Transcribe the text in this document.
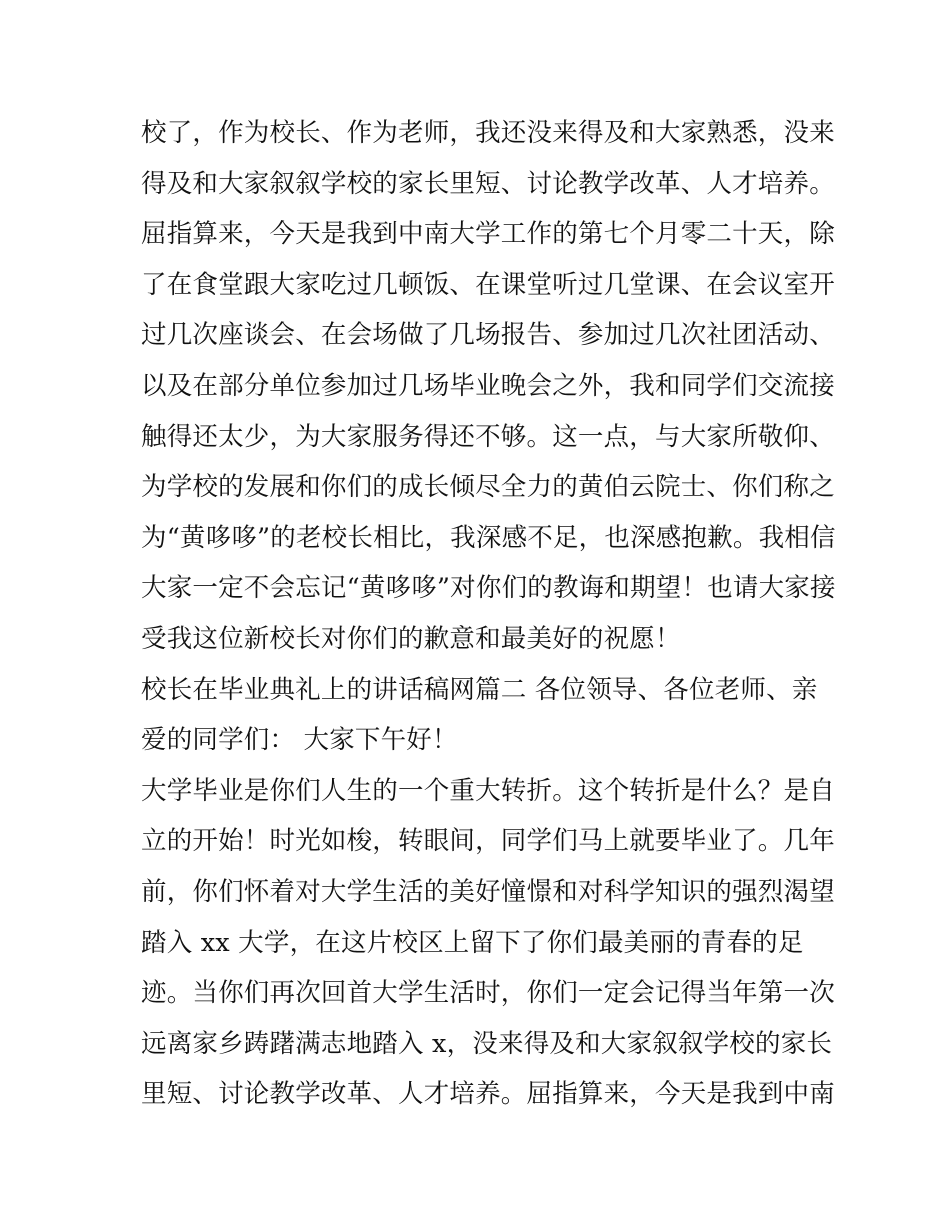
校了，作为校长、作为老师，我还没来得及和大家熟悉，没来
得及和大家叙叙学校的家长里短、讨论教学改革、人才培养。
屈指算来，今天是我到中南大学工作的第七个月零二十天，除
了在食堂跟大家吃过几顿饭、在课堂听过几堂课、在会议室开
过几次座谈会、在会场做了几场报告、参加过几次社团活动、
以及在部分单位参加过几场毕业晚会之外，我和同学们交流接
触得还太少，为大家服务得还不够。这一点，与大家所敬仰、
为学校的发展和你们的成长倾尽全力的黄伯云院士、你们称之
为“黄哆哆”的老校长相比，我深感不足，也深感抱歉。我相信
大家一定不会忘记“黄哆哆”对你们的教诲和期望！也请大家接
受我这位新校长对你们的歉意和最美好的祝愿！
校长在毕业典礼上的讲话稿网篇二 各位领导、各位老师、亲
爱的同学们： 大家下午好！
大学毕业是你们人生的一个重大转折。这个转折是什么？是自
立的开始！时光如梭，转眼间，同学们马上就要毕业了。几年
前，你们怀着对大学生活的美好憧憬和对科学知识的强烈渴望
踏入 xx 大学，在这片校区上留下了你们最美丽的青春的足
迹。当你们再次回首大学生活时，你们一定会记得当年第一次
远离家乡踌躇满志地踏入 x，没来得及和大家叙叙学校的家长
里短、讨论教学改革、人才培养。屈指算来，今天是我到中南
